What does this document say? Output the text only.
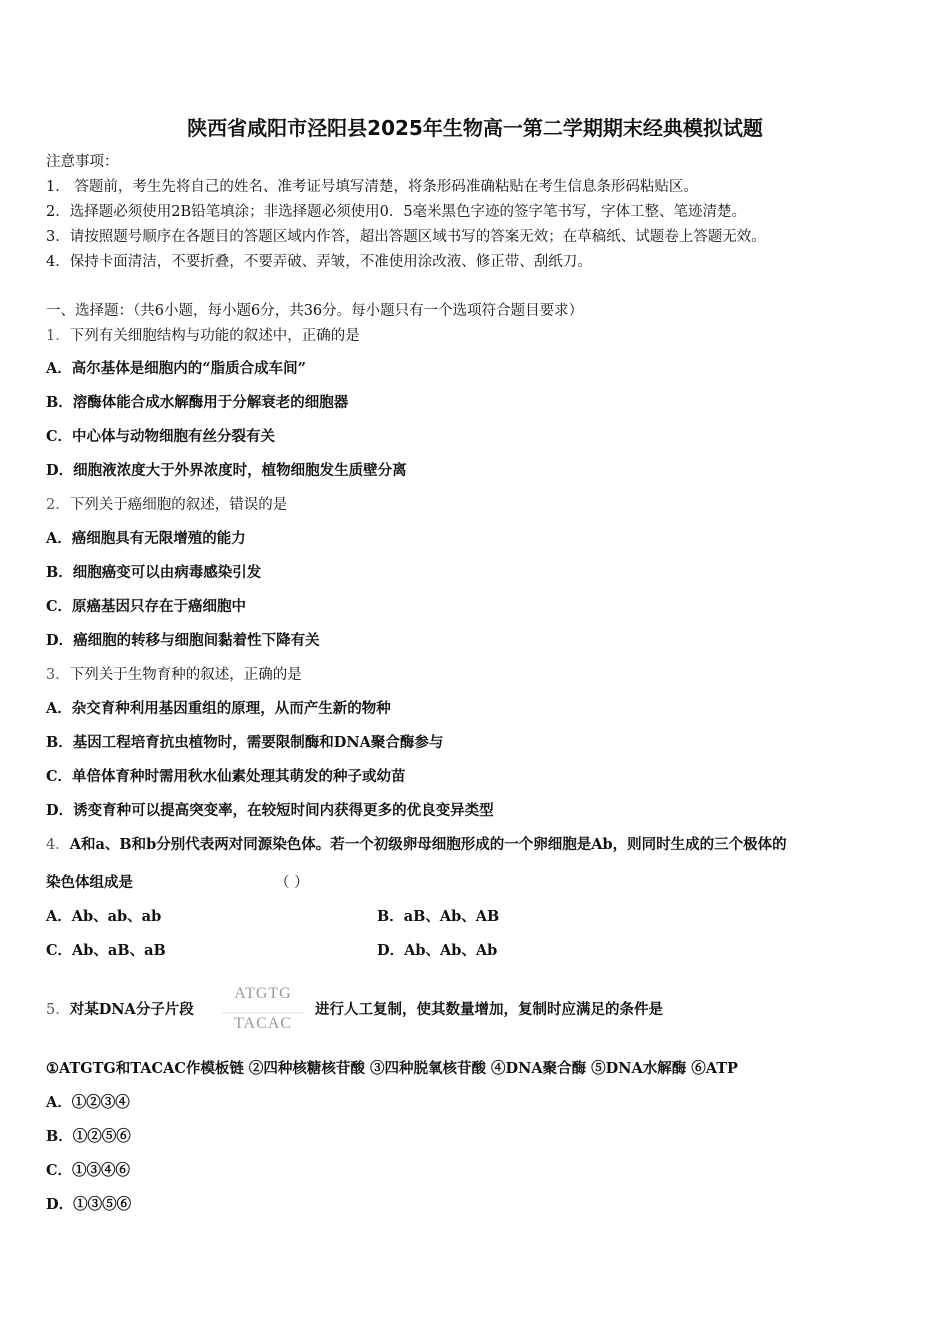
陕西省咸阳市泾阳县2025年生物高一第二学期期末经典模拟试题
注意事项：
1． 答题前，考生先将自己的姓名、准考证号填写清楚，将条形码准确粘贴在考生信息条形码粘贴区。
2．选择题必须使用2B铅笔填涂；非选择题必须使用0．5毫米黑色字迹的签字笔书写，字体工整、笔迹清楚。
3．请按照题号顺序在各题目的答题区域内作答，超出答题区域书写的答案无效；在草稿纸、试题卷上答题无效。
4．保持卡面清洁，不要折叠，不要弄破、弄皱，不准使用涂改液、修正带、刮纸刀。
一、选择题：（共6小题，每小题6分，共36分。每小题只有一个选项符合题目要求）
1．下列有关细胞结构与功能的叙述中，正确的是
A．高尔基体是细胞内的“脂质合成车间”
B．溶酶体能合成水解酶用于分解衰老的细胞器
C．中心体与动物细胞有丝分裂有关
D．细胞液浓度大于外界浓度时，植物细胞发生质壁分离
2．下列关于癌细胞的叙述，错误的是
A．癌细胞具有无限增殖的能力
B．细胞癌变可以由病毒感染引发
C．原癌基因只存在于癌细胞中
D．癌细胞的转移与细胞间黏着性下降有关
3．下列关于生物育种的叙述，正确的是
A．杂交育种利用基因重组的原理，从而产生新的物种
B．基因工程培育抗虫植物时，需要限制酶和DNA聚合酶参与
C．单倍体育种时需用秋水仙素处理其萌发的种子或幼苗
D．诱变育种可以提高突变率，在较短时间内获得更多的优良变异类型
4．A和a、B和b分别代表两对同源染色体。若一个初级卵母细胞形成的一个卵细胞是Ab，则同时生成的三个极体的
染色体组成是	（ ）
A．Ab、ab、ab	B．aB、Ab、AB
C．Ab、aB、aB	D．Ab、Ab、Ab
5．对某DNA分子片段
ATGTG
TACAC
进行人工复制，使其数量增加，复制时应满足的条件是
①ATGTG和TACAC作模板链 ②四种核糖核苷酸 ③四种脱氧核苷酸 ④DNA聚合酶 ⑤DNA水解酶 ⑥ATP
A．①②③④
B．①②⑤⑥
C．①③④⑥
D．①③⑤⑥
